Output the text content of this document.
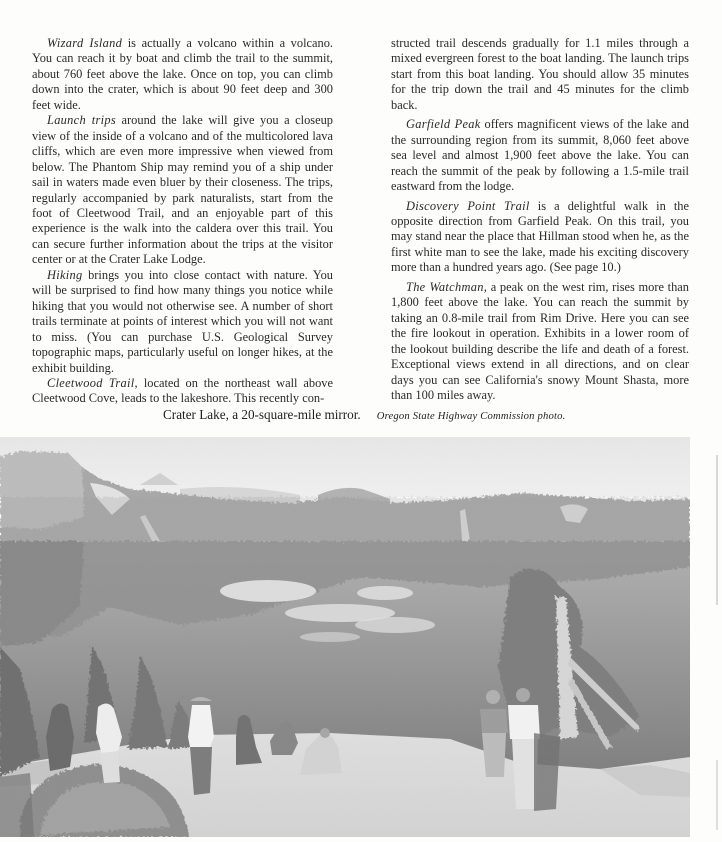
Wizard Island is actually a volcano within a volcano. You can reach it by boat and climb the trail to the summit, about 760 feet above the lake. Once on top, you can climb down into the crater, which is about 90 feet deep and 300 feet wide.

Launch trips around the lake will give you a closeup view of the inside of a volcano and of the multicolored lava cliffs, which are even more impressive when viewed from below. The Phantom Ship may remind you of a ship under sail in waters made even bluer by their closeness. The trips, regularly accompanied by park naturalists, start from the foot of Cleetwood Trail, and an enjoyable part of this experience is the walk into the caldera over this trail. You can secure further information about the trips at the visitor center or at the Crater Lake Lodge.

Hiking brings you into close contact with nature. You will be surprised to find how many things you notice while hiking that you would not otherwise see. A number of short trails terminate at points of interest which you will not want to miss. (You can purchase U.S. Geological Survey topographic maps, particularly useful on longer hikes, at the exhibit building.

Cleetwood Trail, located on the northeast wall above Cleetwood Cove, leads to the lakeshore. This recently con-

structed trail descends gradually for 1.1 miles through a mixed evergreen forest to the boat landing. The launch trips start from this boat landing. You should allow 35 minutes for the trip down the trail and 45 minutes for the climb back.

Garfield Peak offers magnificent views of the lake and the surrounding region from its summit, 8,060 feet above sea level and almost 1,900 feet above the lake. You can reach the summit of the peak by following a 1.5-mile trail eastward from the lodge.

Discovery Point Trail is a delightful walk in the opposite direction from Garfield Peak. On this trail, you may stand near the place that Hillman stood when he, as the first white man to see the lake, made his exciting discovery more than a hundred years ago. (See page 10.)

The Watchman, a peak on the west rim, rises more than 1,800 feet above the lake. You can reach the summit by taking an 0.8-mile trail from Rim Drive. Here you can see the fire lookout in operation. Exhibits in a lower room of the lookout building describe the life and death of a forest. Exceptional views extend in all directions, and on clear days you can see California's snowy Mount Shasta, more than 100 miles away.

Crater Lake, a 20-square-mile mirror. Oregon State Highway Commission photo.
